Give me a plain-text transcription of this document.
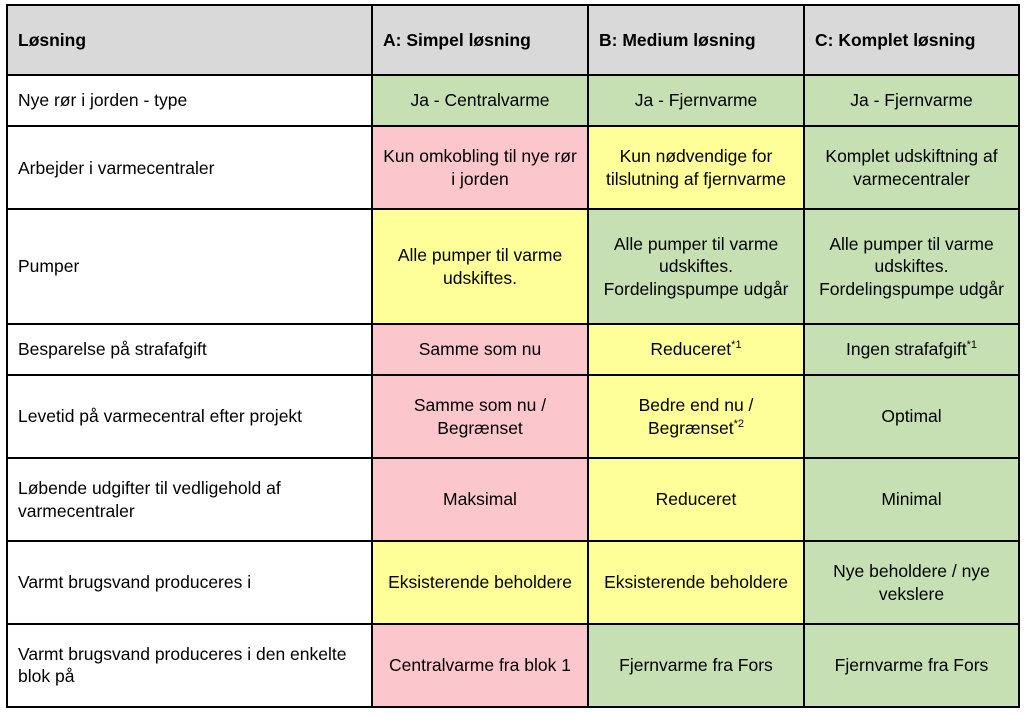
Løsning	A: Simpel løsning	B: Medium løsning	C: Komplet løsning
Nye rør i jorden - type	Ja - Centralvarme	Ja - Fjernvarme	Ja - Fjernvarme
Arbejder i varmecentraler	Kun omkobling til nye rør i jorden	Kun nødvendige for tilslutning af fjernvarme	Komplet udskiftning af varmecentraler
Pumper	Alle pumper til varme udskiftes.	Alle pumper til varme udskiftes. Fordelingspumpe udgår	Alle pumper til varme udskiftes. Fordelingspumpe udgår
Besparelse på strafafgift	Samme som nu	Reduceret$^{*1}$	Ingen strafafgift$^{*1}$
Levetid på varmecentral efter projekt	Samme som nu / Begrænset	Bedre end nu / Begrænset$^{*2}$	Optimal
Løbende udgifter til vedligehold af varmecentraler	Maksimal	Reduceret	Minimal
Varmt brugsvand produceres i	Eksisterende beholdere	Eksisterende beholdere	Nye beholdere / nye vekslere
Varmt brugsvand produceres i den enkelte blok på	Centralvarme fra blok 1	Fjernvarme fra Fors	Fjernvarme fra Fors
